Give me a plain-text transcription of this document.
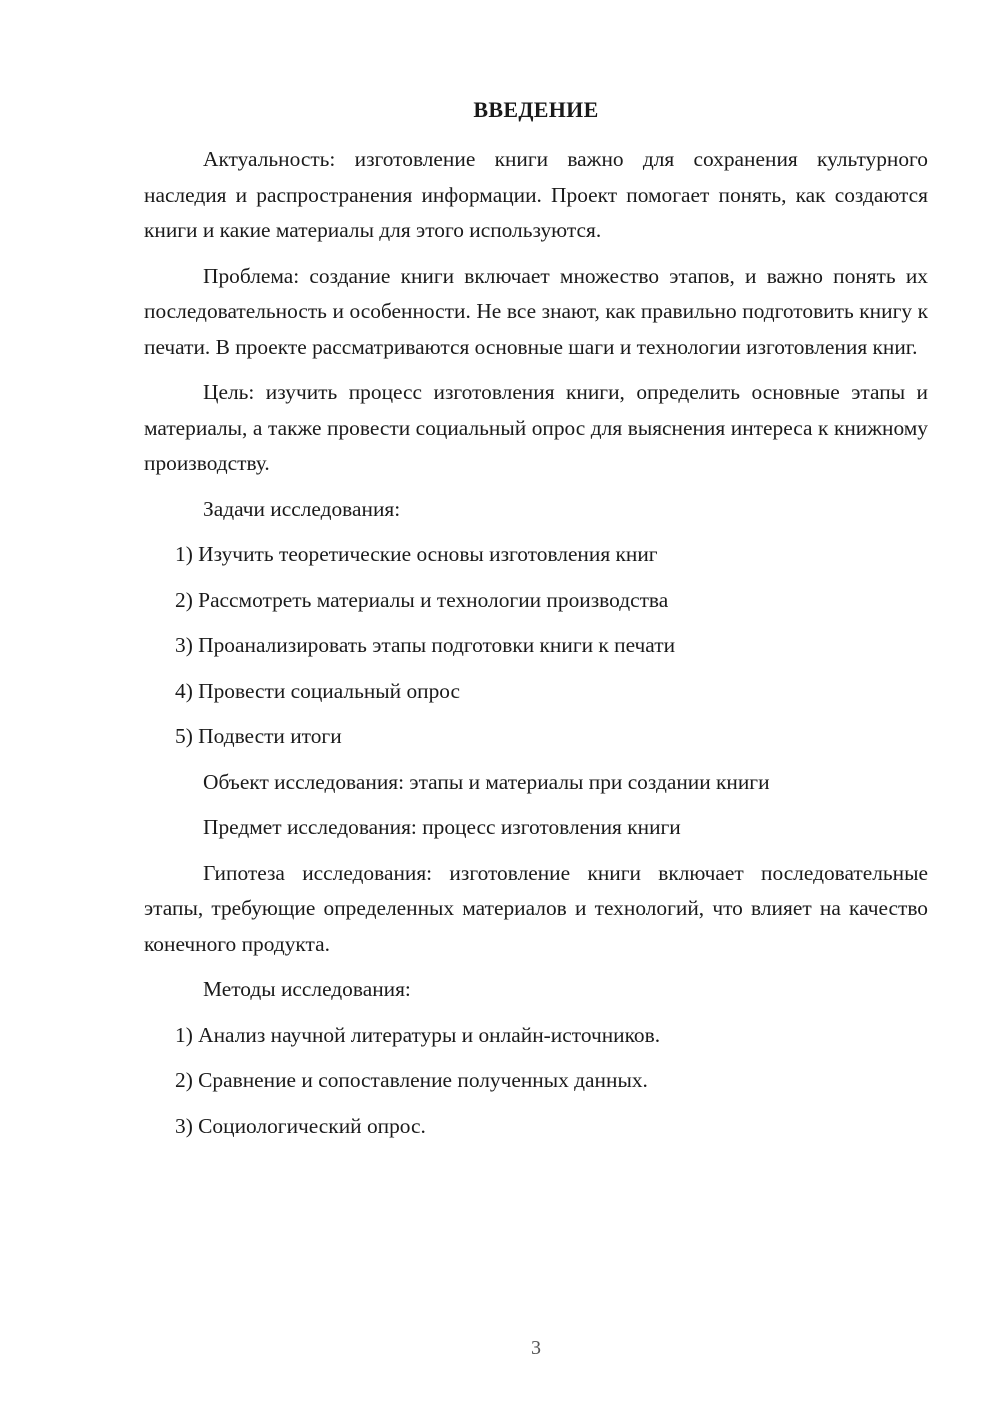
ВВЕДЕНИЕ

Актуальность: изготовление книги важно для сохранения культурного наследия и распространения информации. Проект помогает понять, как создаются книги и какие материалы для этого используются.

Проблема: создание книги включает множество этапов, и важно понять их последовательность и особенности. Не все знают, как правильно подготовить книгу к печати. В проекте рассматриваются основные шаги и технологии изготовления книг.

Цель: изучить процесс изготовления книги, определить основные этапы и материалы, а также провести социальный опрос для выяснения интереса к книжному производству.

Задачи исследования:
1) Изучить теоретические основы изготовления книг
2) Рассмотреть материалы и технологии производства
3) Проанализировать этапы подготовки книги к печати
4) Провести социальный опрос
5) Подвести итоги
Объект исследования: этапы и материалы при создании книги
Предмет исследования: процесс изготовления книги

Гипотеза исследования: изготовление книги включает последовательные этапы, требующие определенных материалов и технологий, что влияет на качество конечного продукта.

Методы исследования:
1) Анализ научной литературы и онлайн-источников.
2) Сравнение и сопоставление полученных данных.
3) Социологический опрос.
3
